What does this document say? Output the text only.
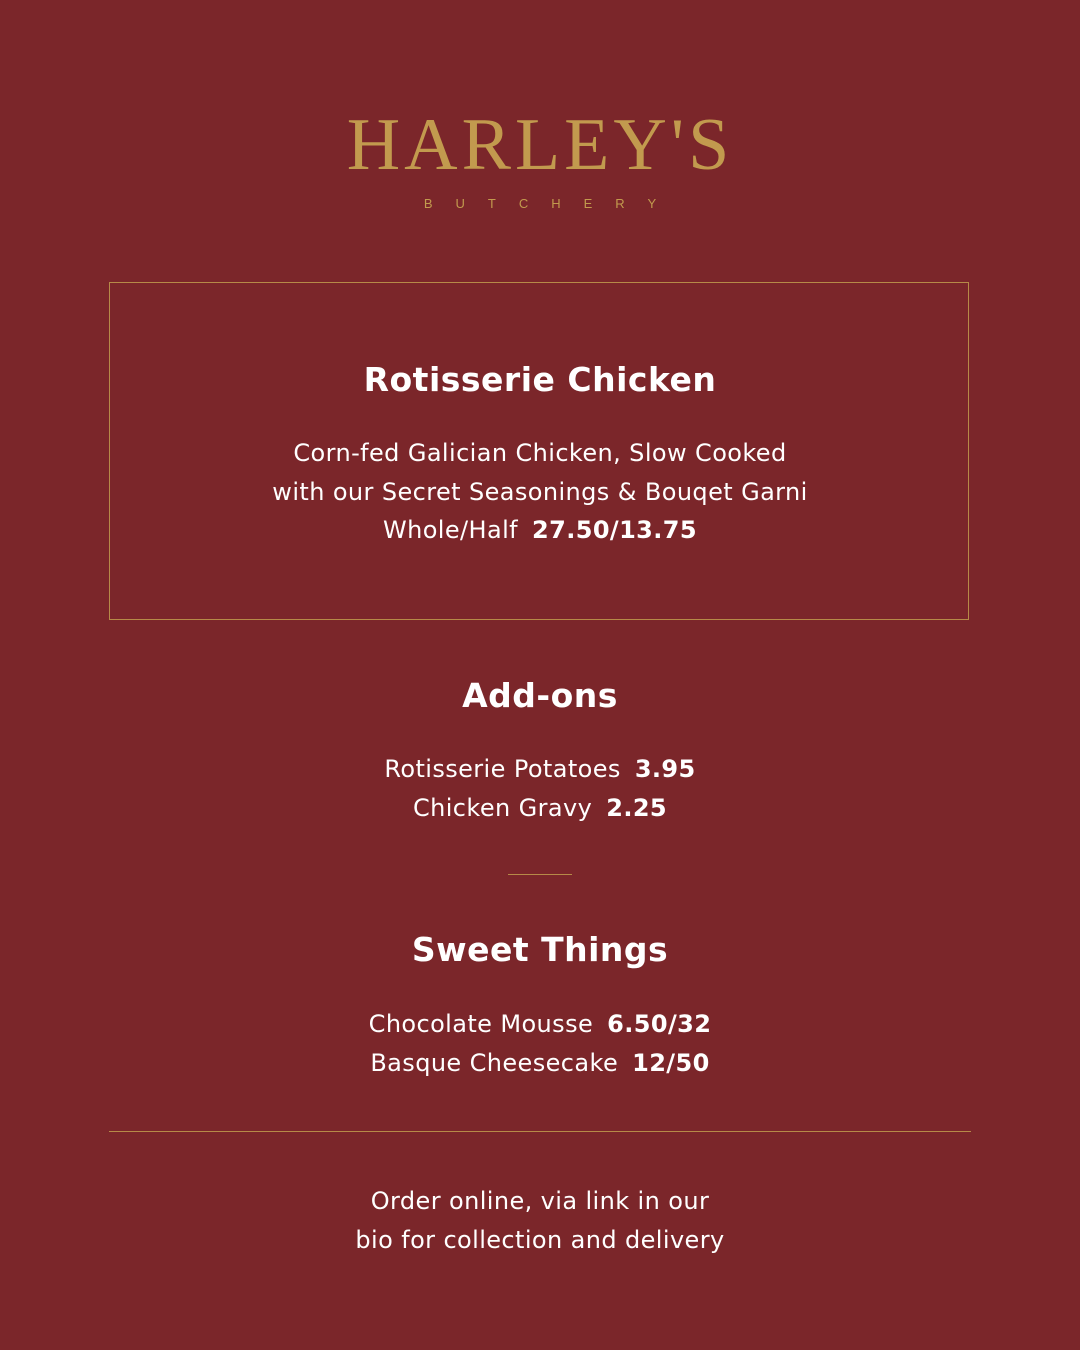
HARLEY'S
BUTCHERY
Rotisserie Chicken
Corn-fed Galician Chicken, Slow Cooked
with our Secret Seasonings & Bouqet Garni
Whole/Half 27.50/13.75
Add-ons
Rotisserie Potatoes 3.95
Chicken Gravy 2.25
Sweet Things
Chocolate Mousse 6.50/32
Basque Cheesecake 12/50
Order online, via link in our
bio for collection and delivery
